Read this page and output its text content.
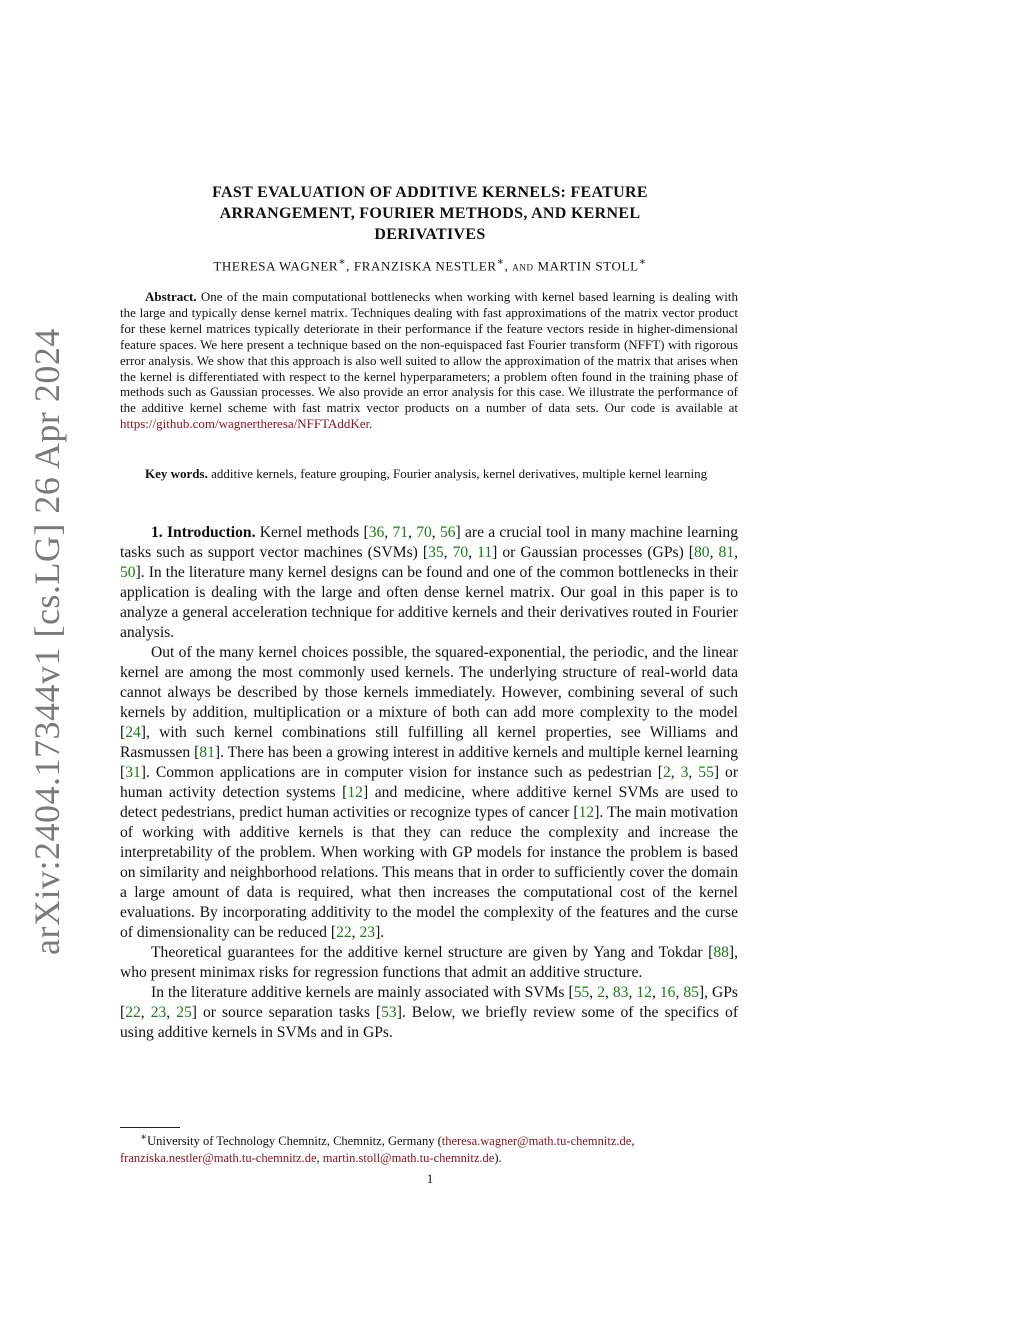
arXiv:2404.17344v1 [cs.LG] 26 Apr 2024
FAST EVALUATION OF ADDITIVE KERNELS: FEATURE
ARRANGEMENT, FOURIER METHODS, AND KERNEL
DERIVATIVES
THERESA WAGNER∗, FRANZISKA NESTLER∗, and MARTIN STOLL∗
Abstract. One of the main computational bottlenecks when working with kernel based learning is dealing with the large and typically dense kernel matrix. Techniques dealing with fast approximations of the matrix vector product for these kernel matrices typically deteriorate in their performance if the feature vectors reside in higher-dimensional feature spaces. We here present a technique based on the non-equispaced fast Fourier transform (NFFT) with rigorous error analysis. We show that this approach is also well suited to allow the approximation of the matrix that arises when the kernel is differentiated with respect to the kernel hyperparameters; a problem often found in the training phase of methods such as Gaussian processes. We also provide an error analysis for this case. We illustrate the performance of the additive kernel scheme with fast matrix vector products on a number of data sets. Our code is available at https://github.com/wagnertheresa/NFFTAddKer.
Key words. additive kernels, feature grouping, Fourier analysis, kernel derivatives, multiple kernel learning

1. Introduction. Kernel methods [36, 71, 70, 56] are a crucial tool in many machine learning tasks such as support vector machines (SVMs) [35, 70, 11] or Gaussian processes (GPs) [80, 81, 50]. In the literature many kernel designs can be found and one of the common bottlenecks in their application is dealing with the large and often dense kernel matrix. Our goal in this paper is to analyze a general acceleration technique for additive kernels and their derivatives routed in Fourier analysis.

Out of the many kernel choices possible, the squared-exponential, the periodic, and the linear kernel are among the most commonly used kernels. The underlying structure of real-world data cannot always be described by those kernels immediately. However, combining several of such kernels by addition, multiplication or a mixture of both can add more complexity to the model [24], with such kernel combinations still fulfilling all kernel properties, see Williams and Rasmussen [81]. There has been a growing interest in additive kernels and multiple kernel learning [31]. Common applications are in computer vision for instance such as pedestrian [2, 3, 55] or human activity detection systems [12] and medicine, where additive kernel SVMs are used to detect pedestrians, predict human activities or recognize types of cancer [12]. The main motivation of working with additive kernels is that they can reduce the complexity and increase the interpretability of the problem. When working with GP models for instance the problem is based on similarity and neighborhood relations. This means that in order to sufficiently cover the domain a large amount of data is required, what then increases the computational cost of the kernel evaluations. By incorporating additivity to the model the complexity of the features and the curse of dimensionality can be reduced [22, 23].

Theoretical guarantees for the additive kernel structure are given by Yang and Tokdar [88], who present minimax risks for regression functions that admit an additive structure.

In the literature additive kernels are mainly associated with SVMs [55, 2, 83, 12, 16, 85], GPs [22, 23, 25] or source separation tasks [53]. Below, we briefly review some of the specifics of using additive kernels in SVMs and in GPs.

∗University of Technology Chemnitz, Chemnitz, Germany (theresa.wagner@math.tu-chemnitz.de, franziska.nestler@math.tu-chemnitz.de, martin.stoll@math.tu-chemnitz.de).
1
